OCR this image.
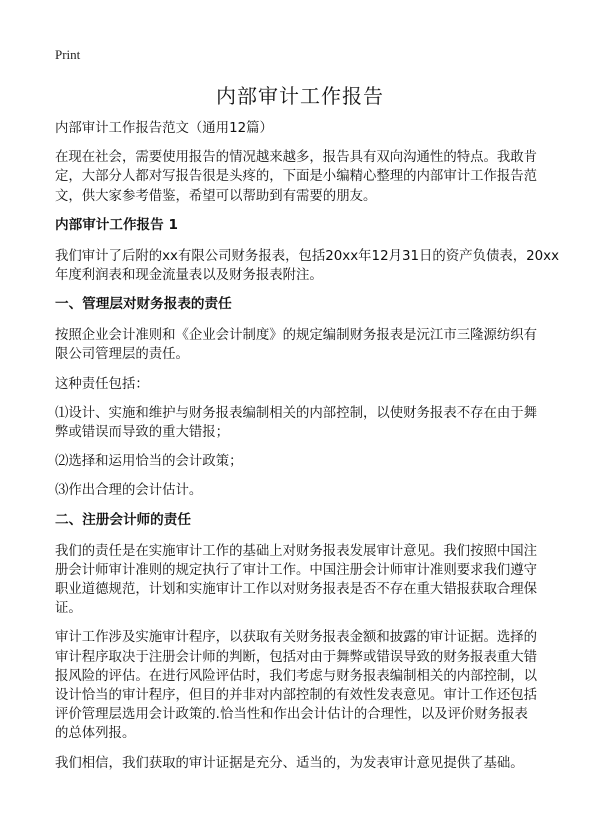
Print
内部审计工作报告
内部审计工作报告范文（通用12篇）
在现在社会，需要使用报告的情况越来越多，报告具有双向沟通性的特点。我敢肯
定，大部分人都对写报告很是头疼的，下面是小编精心整理的内部审计工作报告范
文，供大家参考借鉴，希望可以帮助到有需要的朋友。
内部审计工作报告 1
我们审计了后附的xx有限公司财务报表，包括20xx年12月31日的资产负债表，20xx
年度利润表和现金流量表以及财务报表附注。
一、管理层对财务报表的责任
按照企业会计准则和《企业会计制度》的规定编制财务报表是沅江市三隆源纺织有
限公司管理层的责任。
这种责任包括：
⑴设计、实施和维护与财务报表编制相关的内部控制，以使财务报表不存在由于舞
弊或错误而导致的重大错报；
⑵选择和运用恰当的会计政策；
⑶作出合理的会计估计。
二、注册会计师的责任
我们的责任是在实施审计工作的基础上对财务报表发展审计意见。我们按照中国注
册会计师审计准则的规定执行了审计工作。中国注册会计师审计准则要求我们遵守
职业道德规范，计划和实施审计工作以对财务报表是否不存在重大错报获取合理保
证。
审计工作涉及实施审计程序，以获取有关财务报表金额和披露的审计证据。选择的
审计程序取决于注册会计师的判断，包括对由于舞弊或错误导致的财务报表重大错
报风险的评估。在进行风险评估时，我们考虑与财务报表编制相关的内部控制，以
设计恰当的审计程序，但目的并非对内部控制的有效性发表意见。审计工作还包括
评价管理层选用会计政策的.恰当性和作出会计估计的合理性，以及评价财务报表
的总体列报。
我们相信，我们获取的审计证据是充分、适当的，为发表审计意见提供了基础。
